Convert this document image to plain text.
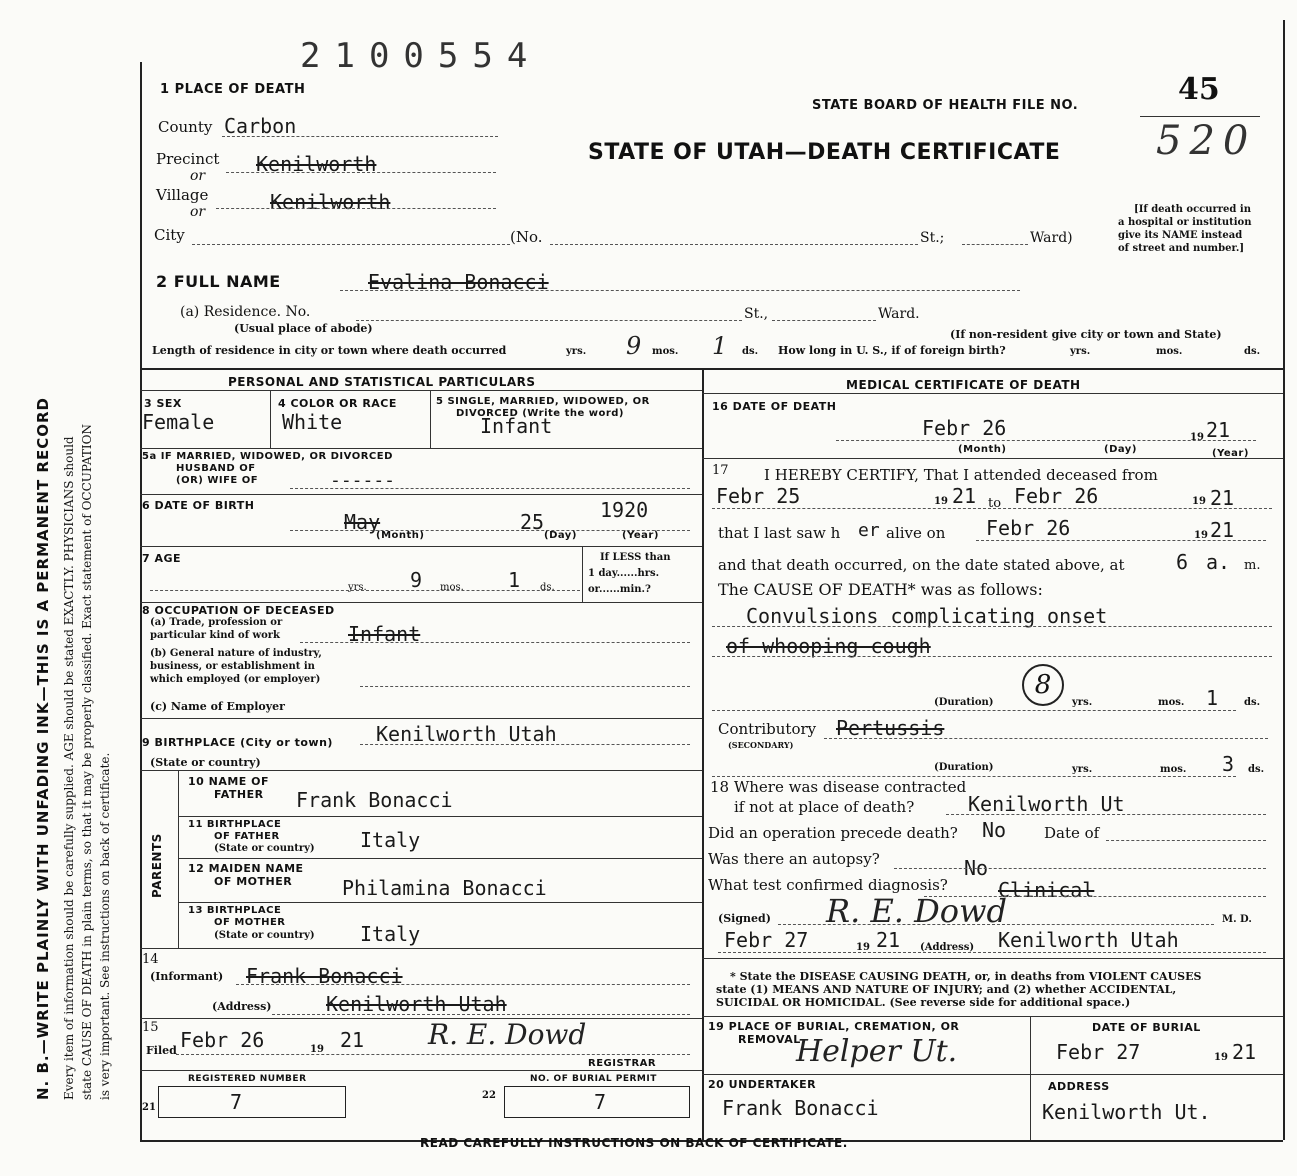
N. B.—WRITE PLAINLY WITH UNFADING INK—THIS IS A PERMANENT RECORD Every item of information should be carefully supplied. AGE should be stated EXACTLY. PHYSICIANS should state CAUSE OF DEATH in plain terms, so that it may be properly classified. Exact statement of OCCUPATION is very important. See instructions on back of certificate.
2100554
1 PLACE OF DEATH
STATE BOARD OF HEALTH FILE NO.	45
STATE OF UTAH—DEATH CERTIFICATE 520
County Carbon
Precinct Kenilworth
or
Village	Kenilworth
or
City	(No.	St.;	Ward)
[If death occurred in
a hospital or institution
give its NAME instead
of street and number.]
2 FULL NAME	Evalina Bonacci
(a) Residence. No.	St.,	Ward.
(Usual place of abode)	(If non-resident give city or town and State)
Length of residence in city or town where death occurred	yrs. 9 mos. 1 ds. How long in U. S., if of foreign birth?	yrs.	mos.	ds.
PERSONAL AND STATISTICAL PARTICULARS
3 SEX
Female
4 COLOR OR RACE
White
5 SINGLE, MARRIED, WIDOWED, OR
DIVORCED (Write the word)
Infant
5a IF MARRIED, WIDOWED, OR DIVORCED
HUSBAND OF
(OR) WIFE OF	------
6 DATE OF BIRTH
May	25	1920
(Month)	(Day)	(Year)
7 AGE
yrs. 9 mos. 1 ds.
If LESS than
1 day......hrs.
or......min.?
8 OCCUPATION OF DECEASED
(a) Trade, profession or
particular kind of work	Infant
(b) General nature of industry,
business, or establishment in
which employed (or employer)
(c) Name of Employer
9 BIRTHPLACE (City or town) Kenilworth Utah
(State or country)
PARENTS
10 NAME OF
FATHER Frank Bonacci
11 BIRTHPLACE
OF FATHER
(State or country) Italy
12 MAIDEN NAME
OF MOTHER Philamina Bonacci
13 BIRTHPLACE
OF MOTHER
(State or country) Italy
14
(Informant) Frank Bonacci
(Address)	Kenilworth Utah
15
Filed Febr 26	19 21 R. E. Dowd
REGISTRAR
REGISTERED NUMBER
21	7
NO. OF BURIAL PERMIT
22	7
MEDICAL CERTIFICATE OF DEATH
16 DATE OF DEATH
Febr 26	19 21
(Month)	(Day)	(Year)
17 I HEREBY CERTIFY, That I attended deceased from
Febr 25	19 21 to Febr 26	19 21
that I last saw h er alive on Febr 26	19 21
and that death occurred, on the date stated above, at	6 a. m.
The CAUSE OF DEATH* was as follows:
Convulsions complicating onset
of whooping cough
(Duration)
8
yrs.	mos. 1	ds.
Contributory
(SECONDARY)
Pertussis
(Duration)	yrs.	mos. 3 ds.
18 Where was disease contracted
if not at place of death?	Kenilworth Ut
Did an operation precede death? No	Date of
Was there an autopsy?	No
What test confirmed diagnosis?	Clinical
(Signed) R. E. Dowd	M. D.
Febr 27	19 21 (Address) Kenilworth Utah
* State the DISEASE CAUSING DEATH, or, in deaths from VIOLENT CAUSES
state (1) MEANS AND NATURE OF INJURY; and (2) whether ACCIDENTAL,
SUICIDAL OR HOMICIDAL. (See reverse side for additional space.)
19 PLACE OF BURIAL, CREMATION, OR
REMOVAL
Helper Ut.
DATE OF BURIAL
Febr 27	19 21
20 UNDERTAKER
Frank Bonacci
ADDRESS
Kenilworth Ut.
READ CAREFULLY INSTRUCTIONS ON BACK OF CERTIFICATE.
